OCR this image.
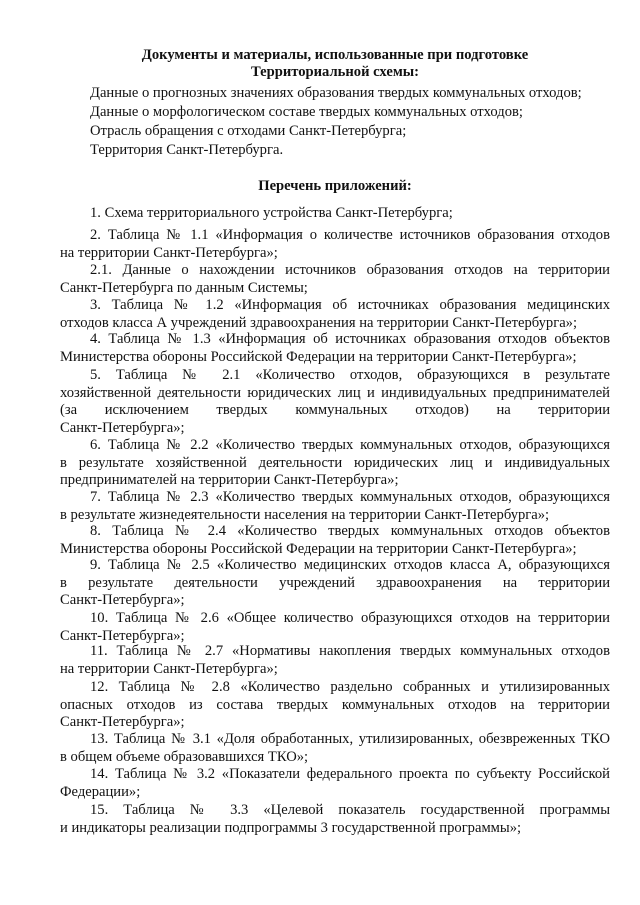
Документы и материалы, использованные при подготовке
Территориальной схемы:
Данные о прогнозных значениях образования твердых коммунальных отходов;
Данные о морфологическом составе твердых коммунальных отходов;
Отрасль обращения с отходами Санкт-Петербурга;
Территория Санкт-Петербурга.
Перечень приложений:
1. Схема территориального устройства Санкт-Петербурга;
2. Таблица № 1.1 «Информация о количестве источников образования отходов
на территории Санкт-Петербурга»;
2.1. Данные о нахождении источников образования отходов на территории
Санкт-Петербурга по данным Системы;
3. Таблица № 1.2 «Информация об источниках образования медицинских
отходов класса А учреждений здравоохранения на территории Санкт-Петербурга»;
4. Таблица № 1.3 «Информация об источниках образования отходов объектов
Министерства обороны Российской Федерации на территории Санкт-Петербурга»;
5. Таблица № 2.1 «Количество отходов, образующихся в результате
хозяйственной деятельности юридических лиц и индивидуальных предпринимателей
(за исключением твердых коммунальных отходов) на территории
Санкт-Петербурга»;
6. Таблица № 2.2 «Количество твердых коммунальных отходов, образующихся
в результате хозяйственной деятельности юридических лиц и индивидуальных
предпринимателей на территории Санкт-Петербурга»;
7. Таблица № 2.3 «Количество твердых коммунальных отходов, образующихся
в результате жизнедеятельности населения на территории Санкт-Петербурга»;
8. Таблица № 2.4 «Количество твердых коммунальных отходов объектов
Министерства обороны Российской Федерации на территории Санкт-Петербурга»;
9. Таблица № 2.5 «Количество медицинских отходов класса А, образующихся
в результате деятельности учреждений здравоохранения на территории
Санкт-Петербурга»;
10. Таблица № 2.6 «Общее количество образующихся отходов на территории
Санкт-Петербурга»;
11. Таблица № 2.7 «Нормативы накопления твердых коммунальных отходов
на территории Санкт-Петербурга»;
12. Таблица № 2.8 «Количество раздельно собранных и утилизированных
опасных отходов из состава твердых коммунальных отходов на территории
Санкт-Петербурга»;
13. Таблица № 3.1 «Доля обработанных, утилизированных, обезвреженных ТКО
в общем объеме образовавшихся ТКО»;
14. Таблица № 3.2 «Показатели федерального проекта по субъекту Российской
Федерации»;
15. Таблица № 3.3 «Целевой показатель государственной программы
и индикаторы реализации подпрограммы 3 государственной программы»;
